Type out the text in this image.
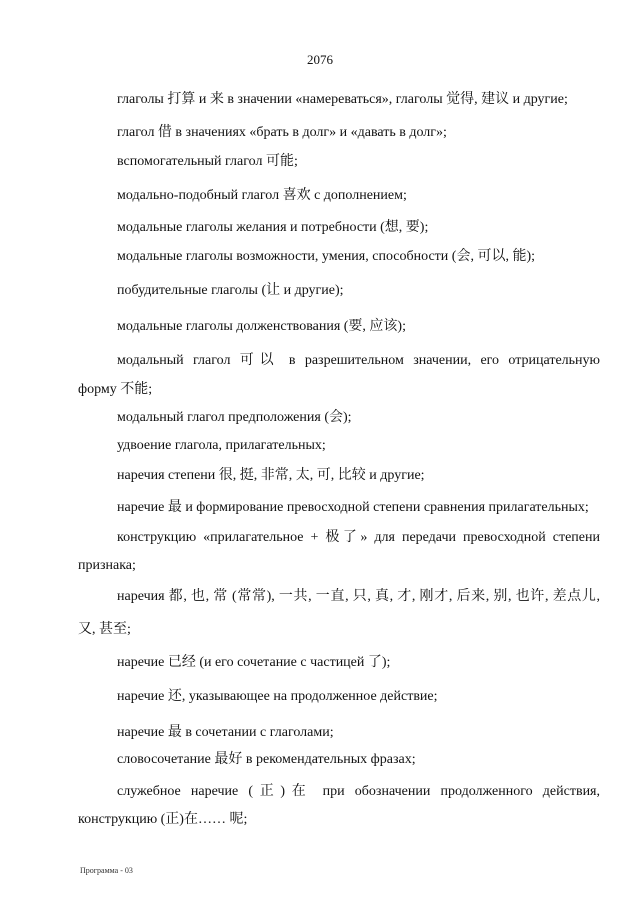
2076
глаголы 打算 и 来 в значении «намереваться», глаголы 觉得, 建议 и другие;
глагол 借 в значениях «брать в долг» и «давать в долг»;
вспомогательный глагол 可能;
модально-подобный глагол 喜欢 с дополнением;
модальные глаголы желания и потребности (想, 要);
модальные глаголы возможности, умения, способности (会, 可以, 能);
побудительные глаголы (让 и другие);
модальные глаголы долженствования (要, 应该);
модальный глагол 可以 в разрешительном значении, его отрицательную
форму 不能;
модальный глагол предположения (会);
удвоение глагола, прилагательных;
наречия степени 很, 挺, 非常, 太, 可, 比较 и другие;
наречие 最 и формирование превосходной степени сравнения прилагательных;
конструкцию «прилагательное + 极了» для передачи превосходной степени
признака;
наречия 都, 也, 常 (常常), 一共, 一直, 只, 真, 才, 刚才, 后来, 别, 也许, 差点儿,
又, 甚至;
наречие 已经 (и его сочетание с частицей 了);
наречие 还, указывающее на продолженное действие;
наречие 最 в сочетании с глаголами;
словосочетание 最好 в рекомендательных фразах;
служебное наречие (正)在 при обозначении продолженного действия,
конструкцию (正)在…… 呢;
Программа - 03
